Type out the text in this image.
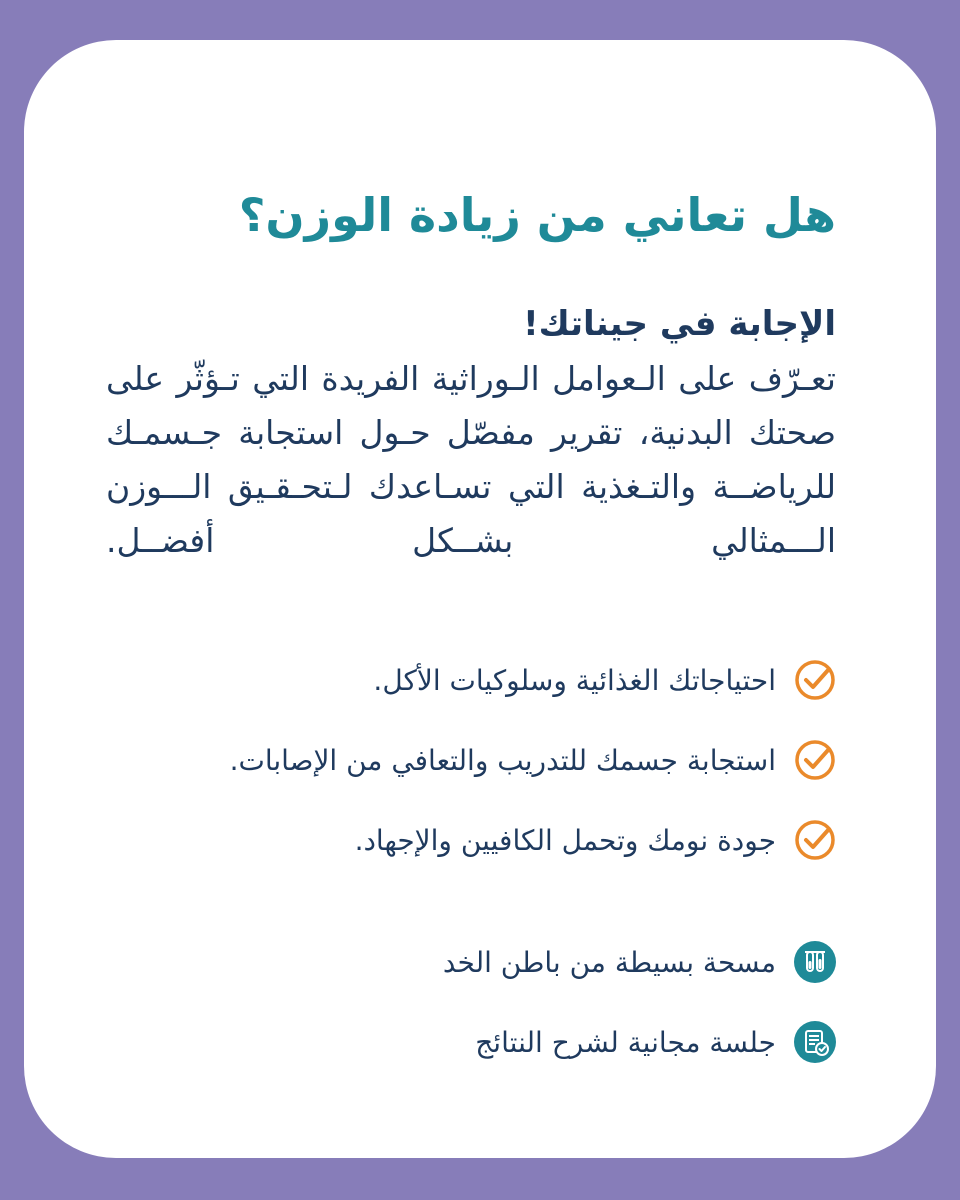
هل تعاني من زيادة الوزن؟
الإجابة في جيناتك!

تعـرّف على الـعوامل الـوراثية الفريدة التي تـؤثّر على صحتك البدنية، تقرير مفصّل حـول استجابة جـسمـك للرياضــة والتـغذية التي تسـاعدك لـتحـقـيق الـــوزن الـــمثالي بشــكل أفضــل.

احتياجاتك الغذائية وسلوكيات الأكل.
استجابة جسمك للتدريب والتعافي من الإصابات.
جودة نومك وتحمل الكافيين والإجهاد.
مسحة بسيطة من باطن الخد
جلسة مجانية لشرح النتائج
